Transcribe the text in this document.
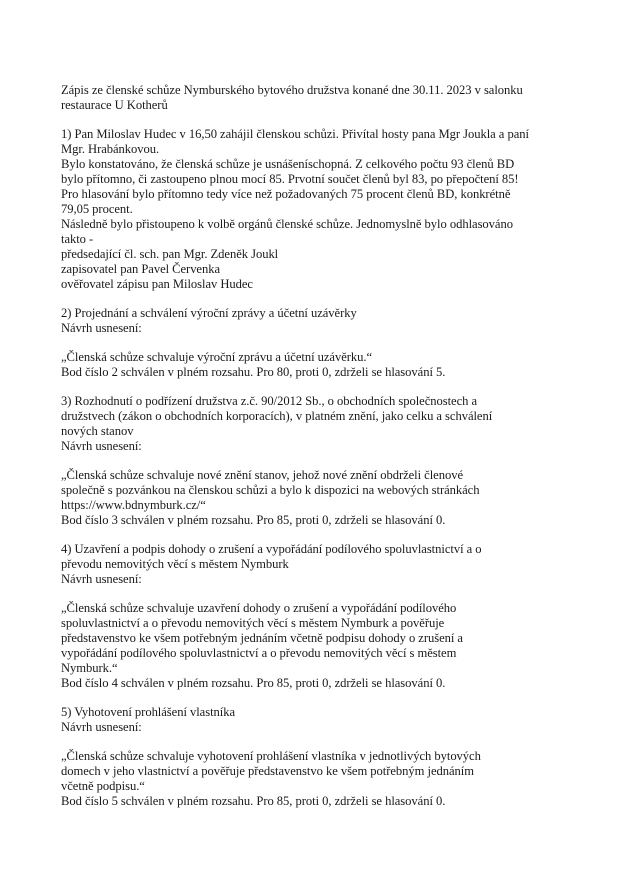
Zápis ze členské schůze Nymburského bytového družstva konané dne 30.11. 2023 v salonku
restaurace U Kotherů
1) Pan Miloslav Hudec v 16,50 zahájil členskou schůzi. Přivítal hosty pana Mgr Joukla a paní
Mgr. Hrabánkovou.
Bylo konstatováno, že členská schůze je usnášeníschopná. Z celkového počtu 93 členů BD
bylo přítomno, či zastoupeno plnou mocí 85. Prvotní součet členů byl 83, po přepočtení 85!
Pro hlasování bylo přítomno tedy více než požadovaných 75 procent členů BD, konkrétně
79,05 procent.
Následně bylo přistoupeno k volbě orgánů členské schůze. Jednomyslně bylo odhlasováno
takto -
předsedající čl. sch. pan Mgr. Zdeněk Joukl
zapisovatel pan Pavel Červenka
ověřovatel zápisu pan Miloslav Hudec
2) Projednání a schválení výroční zprávy a účetní uzávěrky
Návrh usnesení:
„Členská schůze schvaluje výroční zprávu a účetní uzávěrku.“
Bod číslo 2 schválen v plném rozsahu. Pro 80, proti 0, zdrželi se hlasování 5.
3) Rozhodnutí o podřízení družstva z.č. 90/2012 Sb., o obchodních společnostech a
družstvech (zákon o obchodních korporacích), v platném znění, jako celku a schválení
nových stanov
Návrh usnesení:
„Členská schůze schvaluje nové znění stanov, jehož nové znění obdrželi členové
společně s pozvánkou na členskou schůzi a bylo k dispozici na webových stránkách
https://www.bdnymburk.cz/“
Bod číslo 3 schválen v plném rozsahu. Pro 85, proti 0, zdrželi se hlasování 0.
4) Uzavření a podpis dohody o zrušení a vypořádání podílového spoluvlastnictví a o
převodu nemovitých věcí s městem Nymburk
Návrh usnesení:
„Členská schůze schvaluje uzavření dohody o zrušení a vypořádání podílového
spoluvlastnictví a o převodu nemovitých věcí s městem Nymburk a pověřuje
představenstvo ke všem potřebným jednáním včetně podpisu dohody o zrušení a
vypořádání podílového spoluvlastnictví a o převodu nemovitých věcí s městem
Nymburk.“
Bod číslo 4 schválen v plném rozsahu. Pro 85, proti 0, zdrželi se hlasování 0.
5) Vyhotovení prohlášení vlastníka
Návrh usnesení:
„Členská schůze schvaluje vyhotovení prohlášení vlastníka v jednotlivých bytových
domech v jeho vlastnictví a pověřuje představenstvo ke všem potřebným jednáním
včetně podpisu.“
Bod číslo 5 schválen v plném rozsahu. Pro 85, proti 0, zdrželi se hlasování 0.
